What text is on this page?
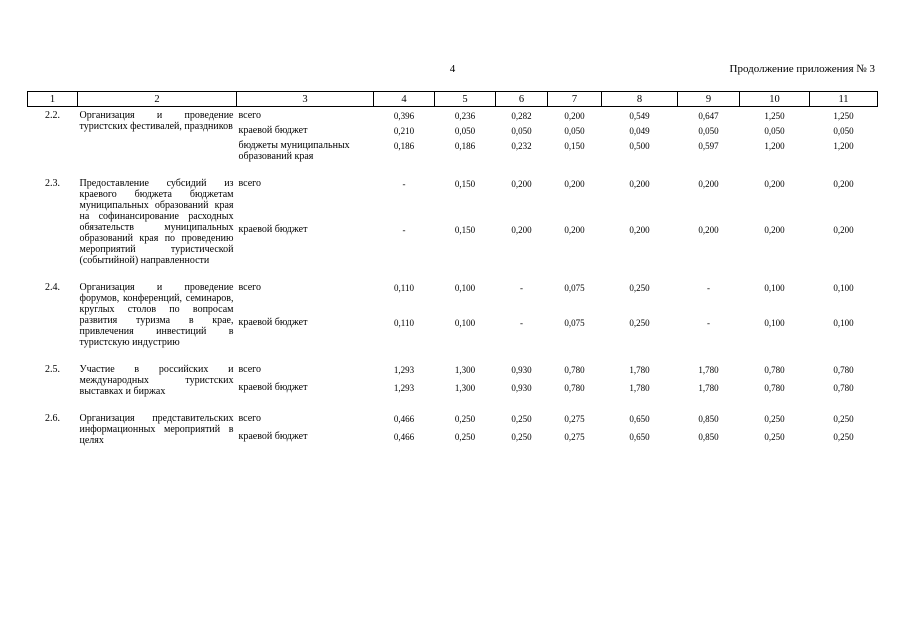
4	Продолжение приложения № 3
1	2	3	4	5	6	7	8	9	10	11
2.2.	Организация и проведение туристских фестивалей, праздников	всего	0,396	0,236	0,282	0,200	0,549	0,647	1,250	1,250
		краевой бюджет	0,210	0,050	0,050	0,050	0,049	0,050	0,050	0,050
		бюджеты муниципальных образований края	0,186	0,186	0,232	0,150	0,500	0,597	1,200	1,200

2.3.	Предоставление субсидий из краевого бюджета бюджетам муниципальных образований края на софинансирование расходных обязательств муниципальных образований края по проведению мероприятий туристической (событийной) направленности	всего	-	0,150	0,200	0,200	0,200	0,200	0,200	0,200
		краевой бюджет	-	0,150	0,200	0,200	0,200	0,200	0,200	0,200

2.4.	Организация и проведение форумов, конференций, семинаров, круглых столов по вопросам развития туризма в крае, привлечения инвестиций в туристскую индустрию	всего	0,110	0,100	-	0,075	0,250	-	0,100	0,100
		краевой бюджет	0,110	0,100	-	0,075	0,250	-	0,100	0,100

2.5.	Участие в российских и международных туристских выставках и биржах	всего	1,293	1,300	0,930	0,780	1,780	1,780	0,780	0,780
		краевой бюджет	1,293	1,300	0,930	0,780	1,780	1,780	0,780	0,780

2.6.	Организация представительских информационных мероприятий в целях	всего	0,466	0,250	0,250	0,275	0,650	0,850	0,250	0,250
		краевой бюджет	0,466	0,250	0,250	0,275	0,650	0,850	0,250	0,250
